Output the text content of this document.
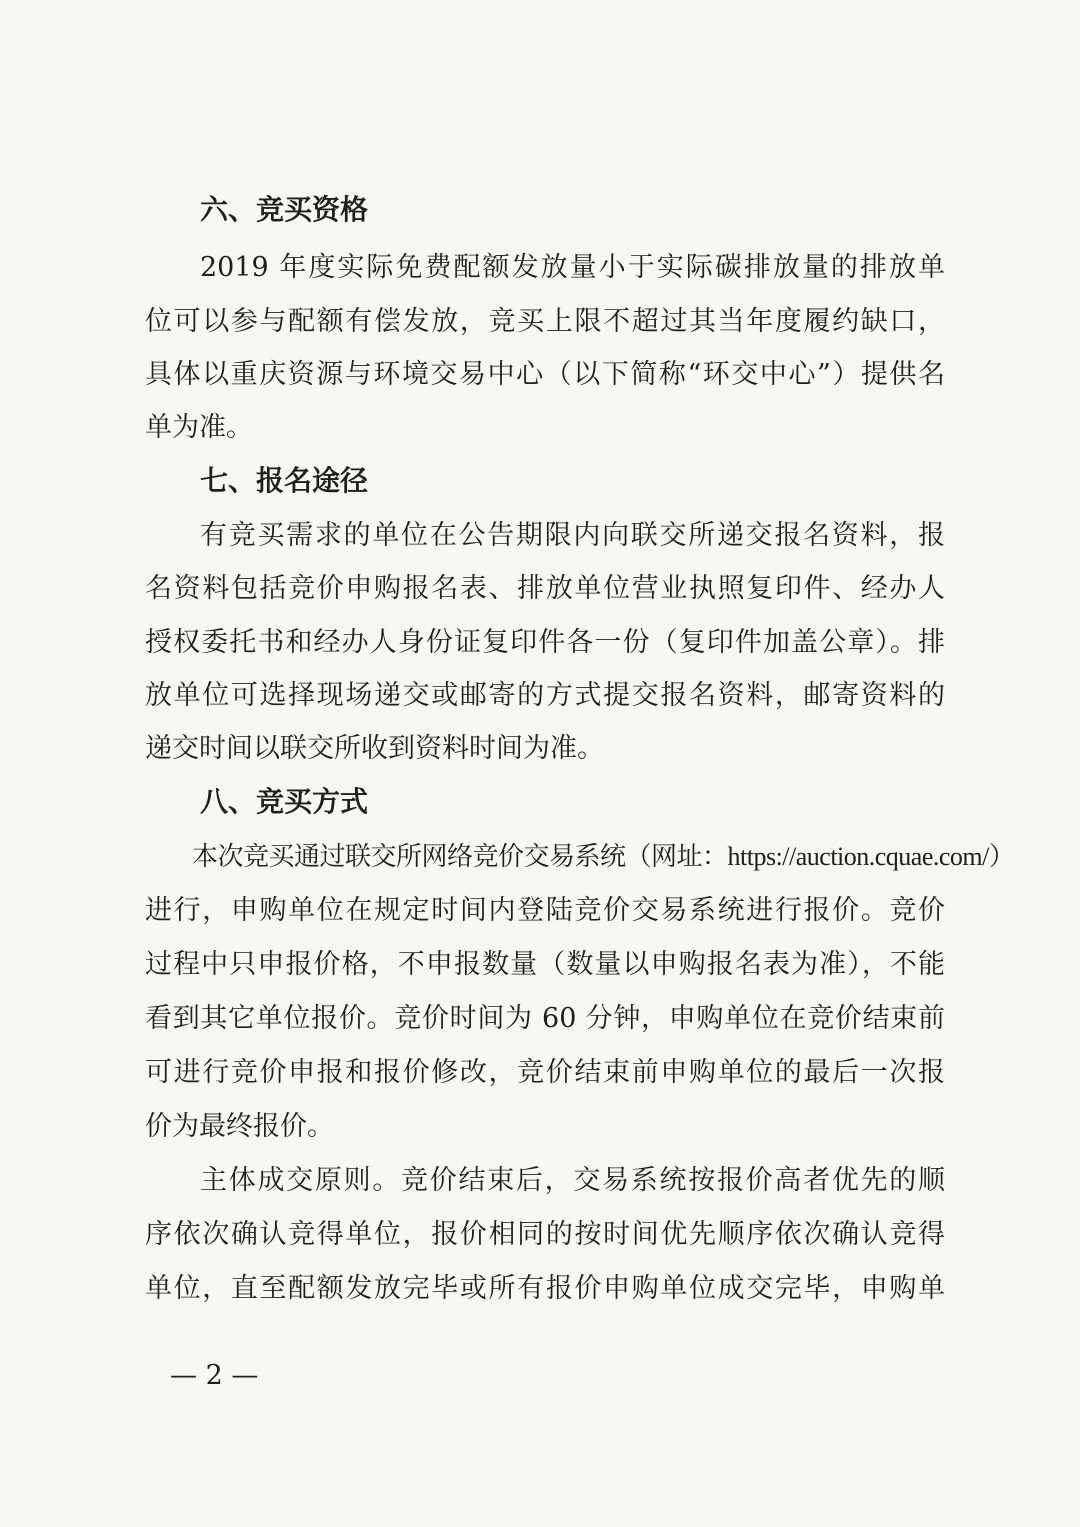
六、竞买资格
2019 年度实际免费配额发放量小于实际碳排放量的排放单
位可以参与配额有偿发放，竞买上限不超过其当年度履约缺口，
具体以重庆资源与环境交易中心（以下简称“环交中心”）提供名
单为准。
七、报名途径
有竞买需求的单位在公告期限内向联交所递交报名资料，报
名资料包括竞价申购报名表、排放单位营业执照复印件、经办人
授权委托书和经办人身份证复印件各一份（复印件加盖公章）。排
放单位可选择现场递交或邮寄的方式提交报名资料，邮寄资料的
递交时间以联交所收到资料时间为准。
八、竞买方式
本次竞买通过联交所网络竞价交易系统（网址：https://auction.cquae.com/）
进行，申购单位在规定时间内登陆竞价交易系统进行报价。竞价
过程中只申报价格，不申报数量（数量以申购报名表为准），不能
看到其它单位报价。竞价时间为 60 分钟，申购单位在竞价结束前
可进行竞价申报和报价修改，竞价结束前申购单位的最后一次报
价为最终报价。
主体成交原则。竞价结束后，交易系统按报价高者优先的顺
序依次确认竞得单位，报价相同的按时间优先顺序依次确认竞得
单位，直至配额发放完毕或所有报价申购单位成交完毕，申购单
— 2 —
